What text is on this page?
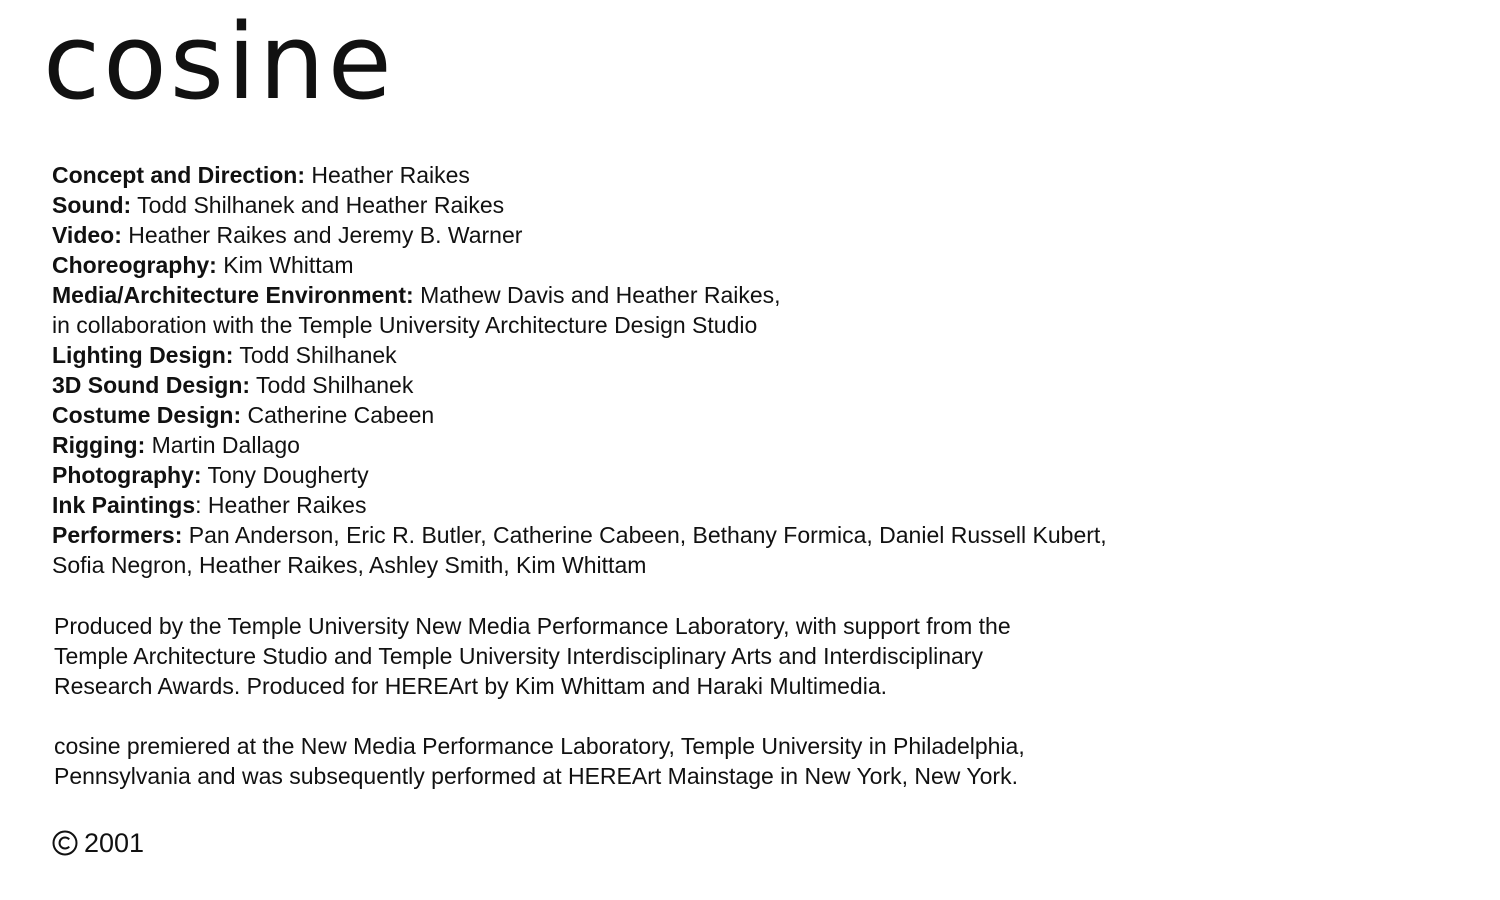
cosine
Concept and Direction: Heather Raikes
Sound: Todd Shilhanek and Heather Raikes
Video: Heather Raikes and Jeremy B. Warner
Choreography: Kim Whittam
Media/Architecture Environment: Mathew Davis and Heather Raikes,
in collaboration with the Temple University Architecture Design Studio
Lighting Design: Todd Shilhanek
3D Sound Design: Todd Shilhanek
Costume Design: Catherine Cabeen
Rigging: Martin Dallago
Photography: Tony Dougherty
Ink Paintings: Heather Raikes
Performers: Pan Anderson, Eric R. Butler, Catherine Cabeen, Bethany Formica, Daniel Russell Kubert,
Sofia Negron, Heather Raikes, Ashley Smith, Kim Whittam
Produced by the Temple University New Media Performance Laboratory, with support from the
Temple Architecture Studio and Temple University Interdisciplinary Arts and Interdisciplinary
Research Awards. Produced for HEREArt by Kim Whittam and Haraki Multimedia.
cosine premiered at the New Media Performance Laboratory, Temple University in Philadelphia,
Pennsylvania and was subsequently performed at HEREArt Mainstage in New York, New York.
2001
